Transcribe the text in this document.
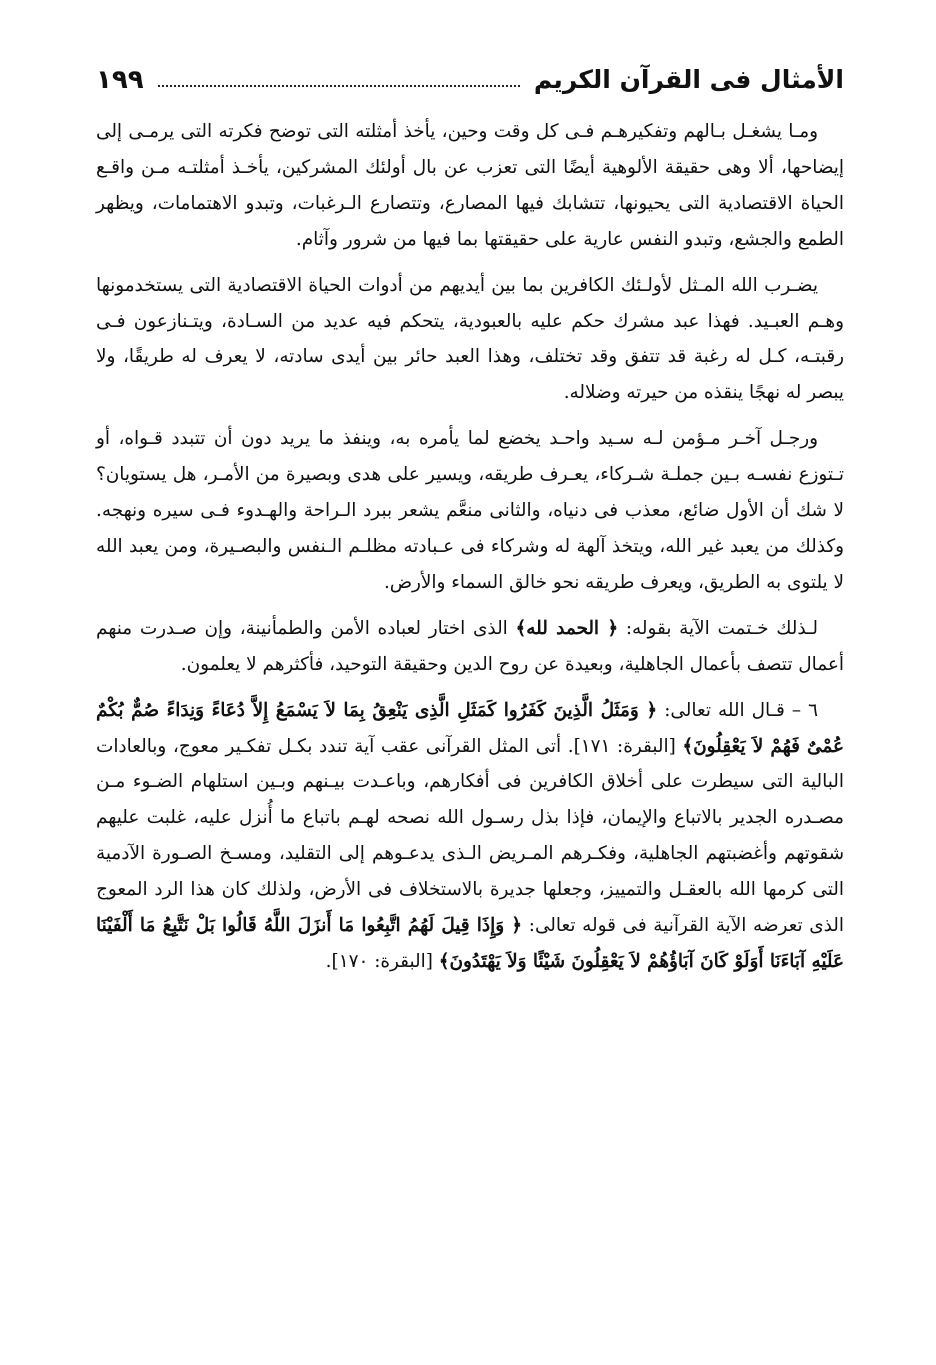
الأمثال فى القرآن الكريم
١٩٩

ومـا يشغـل بـالهم وتفكيرهـم فـى كل وقت وحين، يأخذ أمثلته التى توضح فكرته التى يرمـى إلى إيضاحها، ألا وهى حقيقة الألوهية أيضًا التى تعزب عن بال أولئك المشركين، يأخـذ أمثلتـه مـن واقـع الحياة الاقتصادية التى يحيونها، تتشابك فيها المصارع، وتتصارع الـرغبات، وتبدو الاهتمامات، ويظهر الطمع والجشع، وتبدو النفس عارية على حقيقتها بما فيها من شرور وآثام.

يضـرب الله المـثل لأولـئك الكافرين بما بين أيديهم من أدوات الحياة الاقتصادية التى يستخدمونها وهـم العبـيد. فهذا عبد مشرك حكم عليه بالعبودية، يتحكم فيه عديد من السـادة، ويتـنازعون فـى رقبتـه، كـل له رغبة قد تتفق وقد تختلف، وهذا العبد حائر بين أيدى سادته، لا يعرف له طريقًا، ولا يبصر له نهجًا ينقذه من حيرته وضلاله.

ورجـل آخـر مـؤمن لـه سـيد واحـد يخضع لما يأمره به، وينفذ ما يريد دون أن تتبدد قـواه، أو تـتوزع نفسـه بـين جملـة شـركاء، يعـرف طريقه، ويسير على هدى وبصيرة من الأمـر، هل يستويان؟ لا شك أن الأول ضائع، معذب فى دنياه، والثانى منعَّم يشعر ببرد الـراحة والهـدوء فـى سيره ونهجه. وكذلك من يعبد غير الله، ويتخذ آلهة له وشركاء فى عـبادته مظلـم الـنفس والبصـيرة، ومن يعبد الله لا يلتوى به الطريق، ويعرف طريقه نحو خالق السماء والأرض.

لـذلك خـتمت الآية بقوله: ﴿ الحمد لله﴾ الذى اختار لعباده الأمن والطمأنينة، وإن صـدرت منهم أعمال تتصف بأعمال الجاهلية، وبعيدة عن روح الدين وحقيقة التوحيد، فأكثرهم لا يعلمون.

٦ – قـال الله تعالى: ﴿ وَمَثَلُ الَّذِينَ كَفَرُوا كَمَثَلِ الَّذِى يَنْعِقُ بِمَا لاَ يَسْمَعُ إِلاَّ دُعَاءً وَنِدَاءً صُمٌّ بُكْمٌ عُمْىٌ فَهُمْ لاَ يَعْقِلُونَ﴾ [البقرة: ١٧١]. أتى المثل القرآنى عقب آية تندد بكـل تفكـير معوج، وبالعادات البالية التى سيطرت على أخلاق الكافرين فى أفكارهم، وباعـدت بيـنهم وبـين استلهام الضـوء مـن مصـدره الجدير بالاتباع والإيمان، فإذا بذل رسـول الله نصحه لهـم باتباع ما أُنزل عليه، غلبت عليهم شقوتهم وأغضبتهم الجاهلية، وفكـرهم المـريض الـذى يدعـوهم إلى التقليد، ومسـخ الصـورة الآدمية التى كرمها الله بالعقـل والتمييز، وجعلها جديرة بالاستخلاف فى الأرض، ولذلك كان هذا الرد المعوج الذى تعرضه الآية القرآنية فى قوله تعالى: ﴿ وَإِذَا قِيلَ لَهُمُ اتَّبِعُوا مَا أَنزَلَ اللَّهُ قَالُوا بَلْ نَتَّبِعُ مَا أَلْفَيْنَا عَلَيْهِ آبَاءَنَا أَوَلَوْ كَانَ آبَاؤُهُمْ لاَ يَعْقِلُونَ شَيْئًا وَلاَ يَهْتَدُونَ﴾ [البقرة: ١٧٠].
